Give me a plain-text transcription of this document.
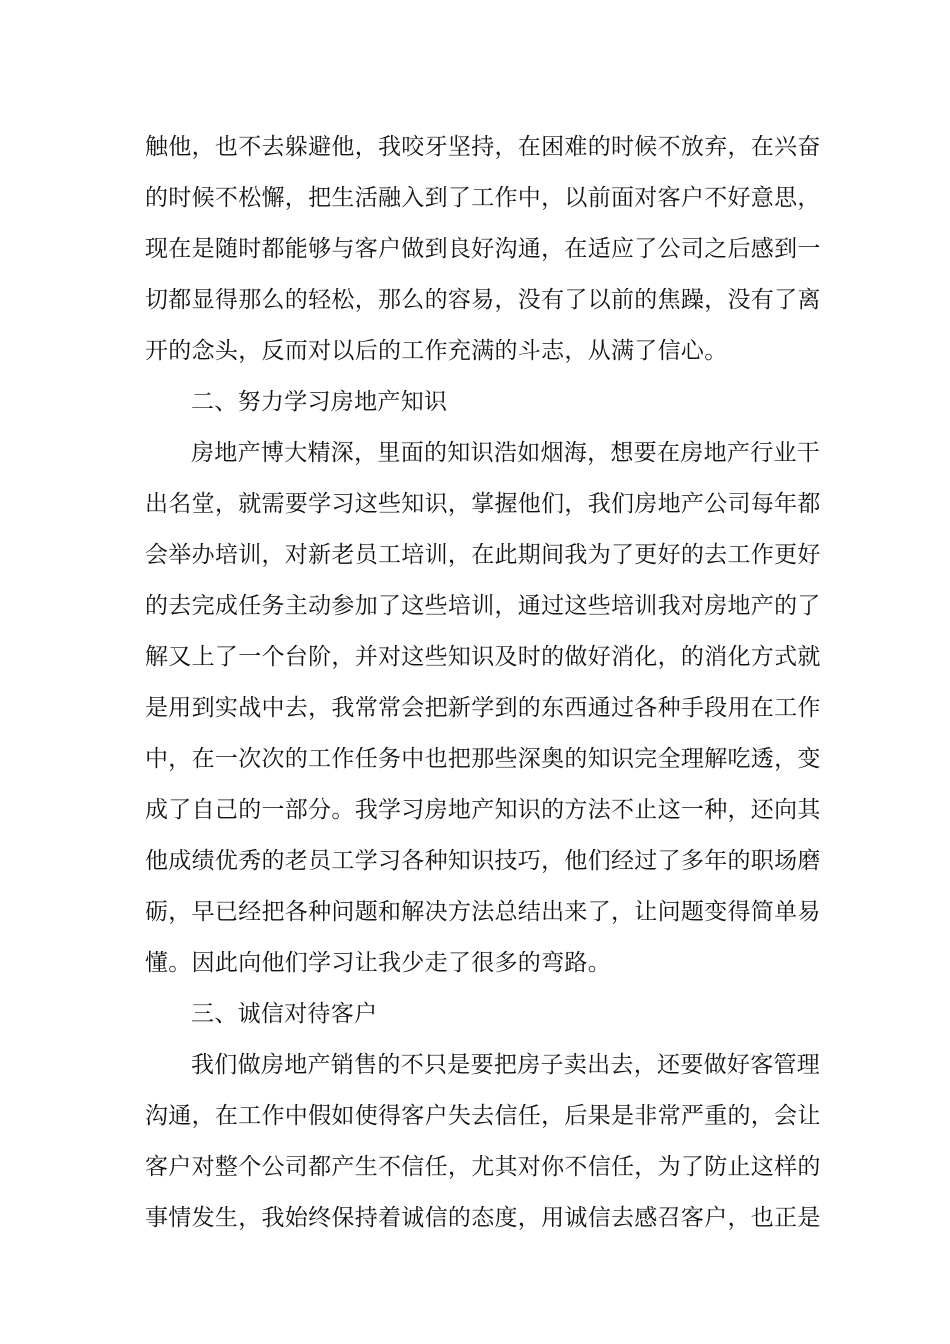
触他，也不去躲避他，我咬牙坚持，在困难的时候不放弃，在兴奋
的时候不松懈，把生活融入到了工作中，以前面对客户不好意思，
现在是随时都能够与客户做到良好沟通，在适应了公司之后感到一
切都显得那么的轻松，那么的容易，没有了以前的焦躁，没有了离
开的念头，反而对以后的工作充满的斗志，从满了信心。
二、努力学习房地产知识
房地产博大精深，里面的知识浩如烟海，想要在房地产行业干
出名堂，就需要学习这些知识，掌握他们，我们房地产公司每年都
会举办培训，对新老员工培训，在此期间我为了更好的去工作更好
的去完成任务主动参加了这些培训，通过这些培训我对房地产的了
解又上了一个台阶，并对这些知识及时的做好消化，的消化方式就
是用到实战中去，我常常会把新学到的东西通过各种手段用在工作
中，在一次次的工作任务中也把那些深奥的知识完全理解吃透，变
成了自己的一部分。我学习房地产知识的方法不止这一种，还向其
他成绩优秀的老员工学习各种知识技巧，他们经过了多年的职场磨
砺，早已经把各种问题和解决方法总结出来了，让问题变得简单易
懂。因此向他们学习让我少走了很多的弯路。
三、诚信对待客户
我们做房地产销售的不只是要把房子卖出去，还要做好客管理
沟通，在工作中假如使得客户失去信任，后果是非常严重的，会让
客户对整个公司都产生不信任，尤其对你不信任，为了防止这样的
事情发生，我始终保持着诚信的态度，用诚信去感召客户，也正是
